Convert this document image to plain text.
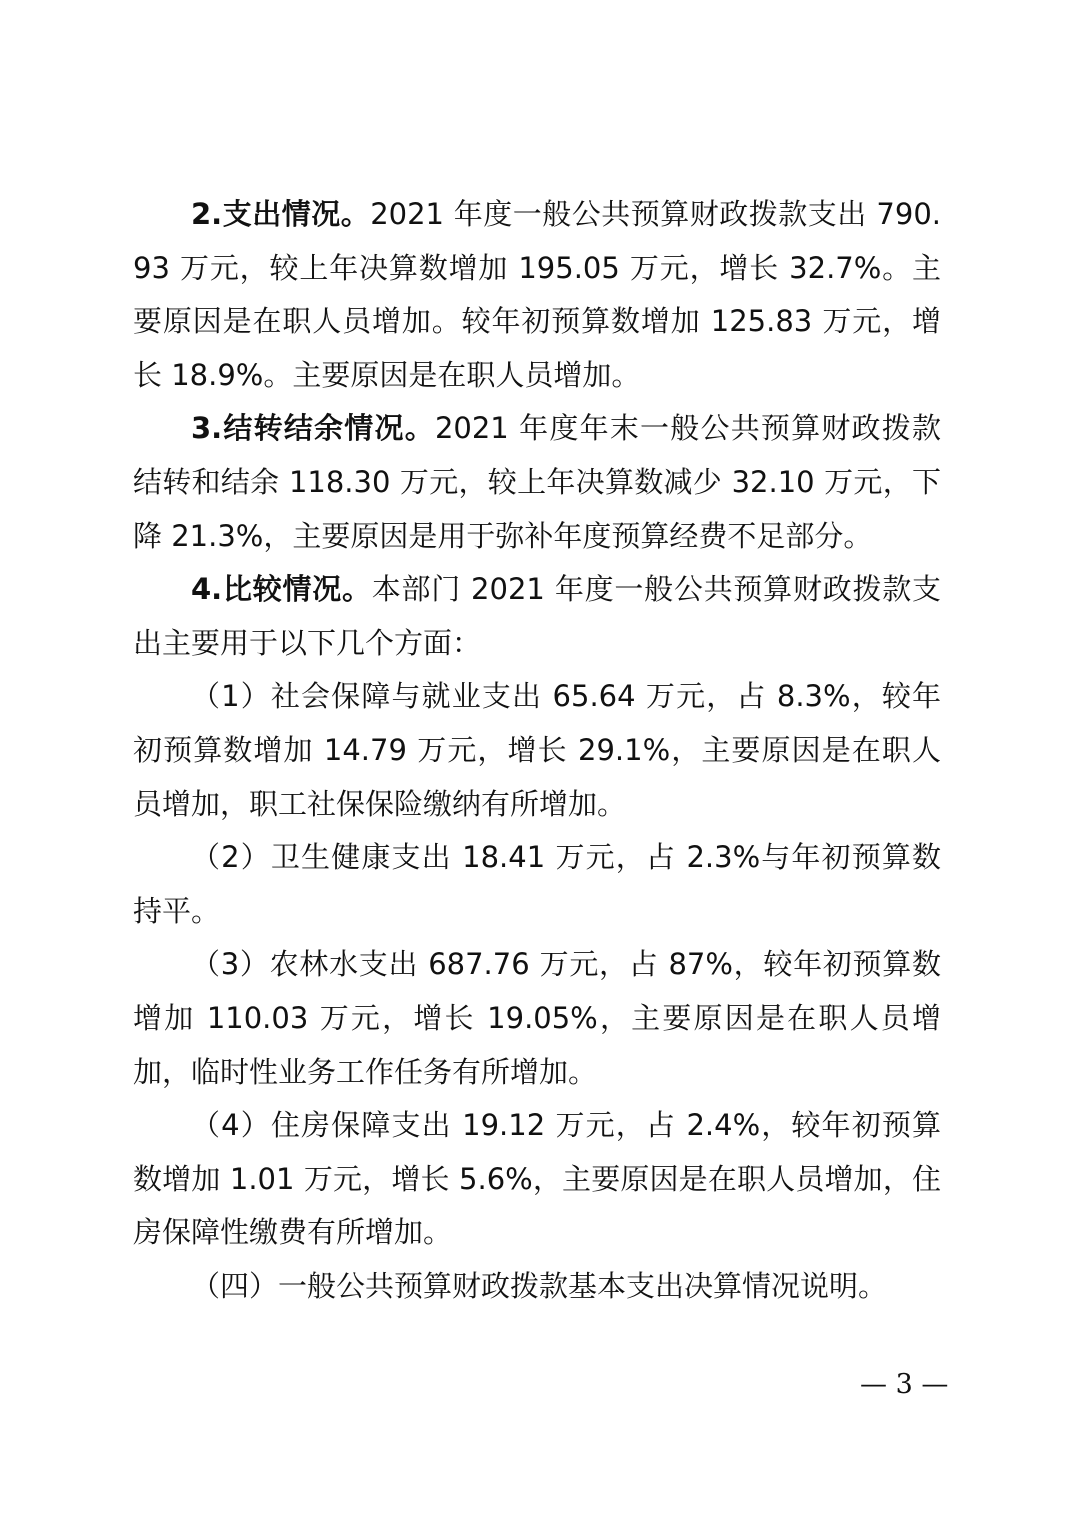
2.支出情况。2021 年度一般公共预算财政拨款支出 790.93 万元，较上年决算数增加 195.05 万元，增长 32.7%。主要原因是在职人员增加。较年初预算数增加 125.83 万元，增长 18.9%。主要原因是在职人员增加。

3.结转结余情况。2021 年度年末一般公共预算财政拨款结转和结余 118.30 万元，较上年决算数减少 32.10 万元，下降 21.3%，主要原因是用于弥补年度预算经费不足部分。

4.比较情况。本部门 2021 年度一般公共预算财政拨款支出主要用于以下几个方面：

（1）社会保障与就业支出 65.64 万元，占 8.3%，较年初预算数增加 14.79 万元，增长 29.1%，主要原因是在职人员增加，职工社保保险缴纳有所增加。

（2）卫生健康支出 18.41 万元，占 2.3%与年初预算数持平。

（3）农林水支出 687.76 万元，占 87%，较年初预算数增加 110.03 万元，增长 19.05%，主要原因是在职人员增加，临时性业务工作任务有所增加。

（4）住房保障支出 19.12 万元，占 2.4%，较年初预算数增加 1.01 万元，增长 5.6%，主要原因是在职人员增加，住房保障性缴费有所增加。

（四）一般公共预算财政拨款基本支出决算情况说明。

— 3 —
